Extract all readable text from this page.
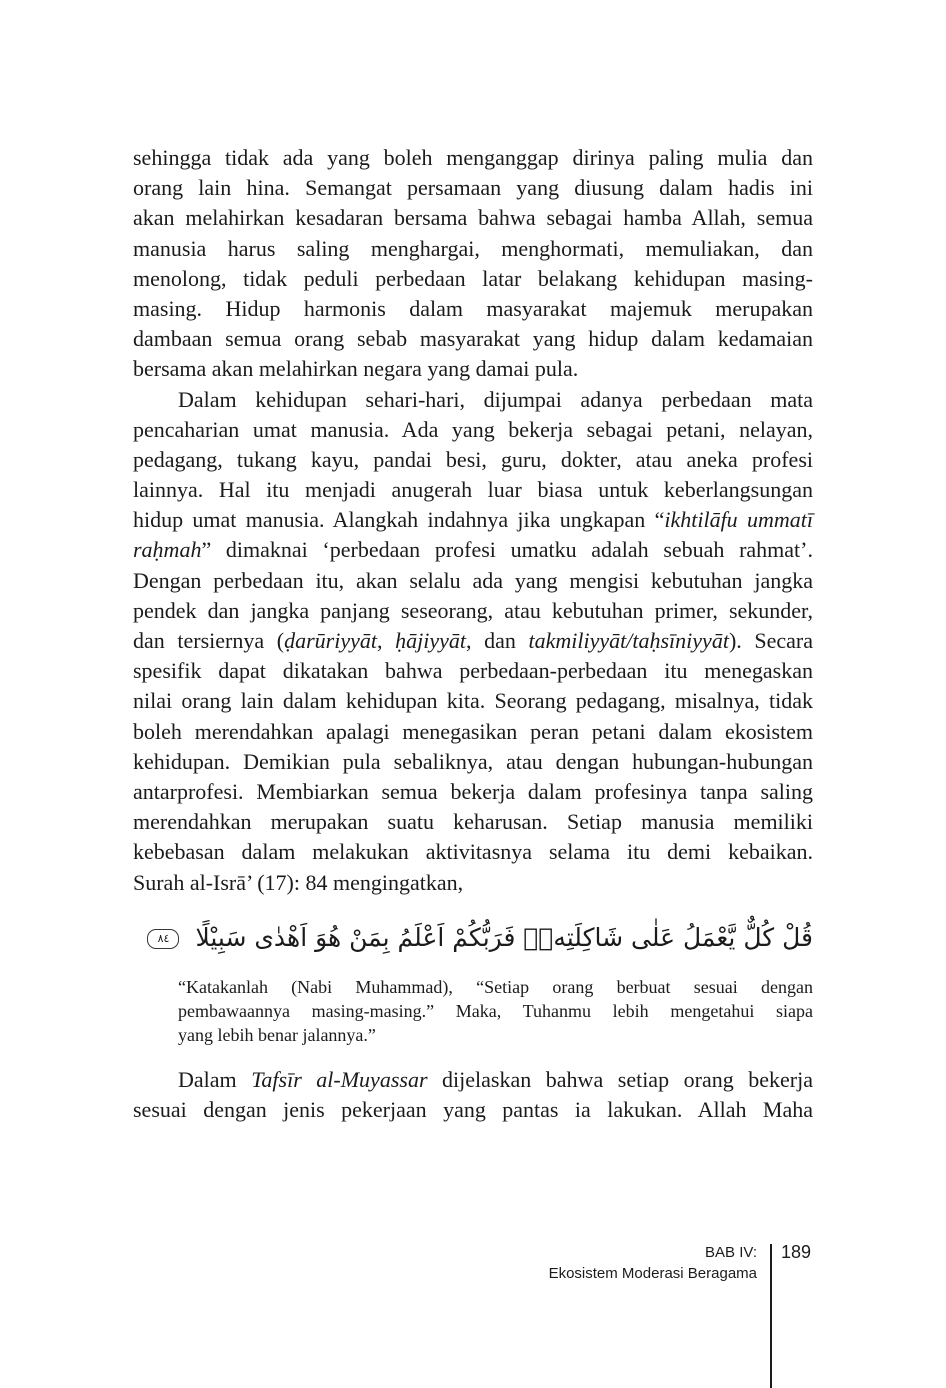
sehingga tidak ada yang boleh menganggap dirinya paling mulia dan
orang lain hina. Semangat persamaan yang diusung dalam hadis ini
akan melahirkan kesadaran bersama bahwa sebagai hamba Allah, semua
manusia harus saling menghargai, menghormati, memuliakan, dan
menolong, tidak peduli perbedaan latar belakang kehidupan masing-
masing. Hidup harmonis dalam masyarakat majemuk merupakan
dambaan semua orang sebab masyarakat yang hidup dalam kedamaian
bersama akan melahirkan negara yang damai pula.
Dalam kehidupan sehari-hari, dijumpai adanya perbedaan mata
pencaharian umat manusia. Ada yang bekerja sebagai petani, nelayan,
pedagang, tukang kayu, pandai besi, guru, dokter, atau aneka profesi
lainnya. Hal itu menjadi anugerah luar biasa untuk keberlangsungan
hidup umat manusia. Alangkah indahnya jika ungkapan “ikhtilāfu ummatī
raḥmah” dimaknai ‘perbedaan profesi umatku adalah sebuah rahmat’.
Dengan perbedaan itu, akan selalu ada yang mengisi kebutuhan jangka
pendek dan jangka panjang seseorang, atau kebutuhan primer, sekunder,
dan tersiernya (ḍarūriyyāt, ḥājiyyāt, dan takmiliyyāt/taḥsīniyyāt). Secara
spesifik dapat dikatakan bahwa perbedaan-perbedaan itu menegaskan
nilai orang lain dalam kehidupan kita. Seorang pedagang, misalnya, tidak
boleh merendahkan apalagi menegasikan peran petani dalam ekosistem
kehidupan. Demikian pula sebaliknya, atau dengan hubungan-hubungan
antarprofesi. Membiarkan semua bekerja dalam profesinya tanpa saling
merendahkan merupakan suatu keharusan. Setiap manusia memiliki
kebebasan dalam melakukan aktivitasnya selama itu demi kebaikan.
Surah al-Isrā’ (17): 84 mengingatkan,
قُلْ كُلٌّ يَّعْمَلُ عَلٰى شَاكِلَتِهٖۗ فَرَبُّكُمْ اَعْلَمُ بِمَنْ هُوَ اَهْدٰى سَبِيْلًا ٨٤
“Katakanlah (Nabi Muhammad), “Setiap orang berbuat sesuai dengan
pembawaannya masing-masing.” Maka, Tuhanmu lebih mengetahui siapa
yang lebih benar jalannya.”
Dalam Tafsīr al-Muyassar dijelaskan bahwa setiap orang bekerja
sesuai dengan jenis pekerjaan yang pantas ia lakukan. Allah Maha
BAB IV:
Ekosistem Moderasi Beragama
189
